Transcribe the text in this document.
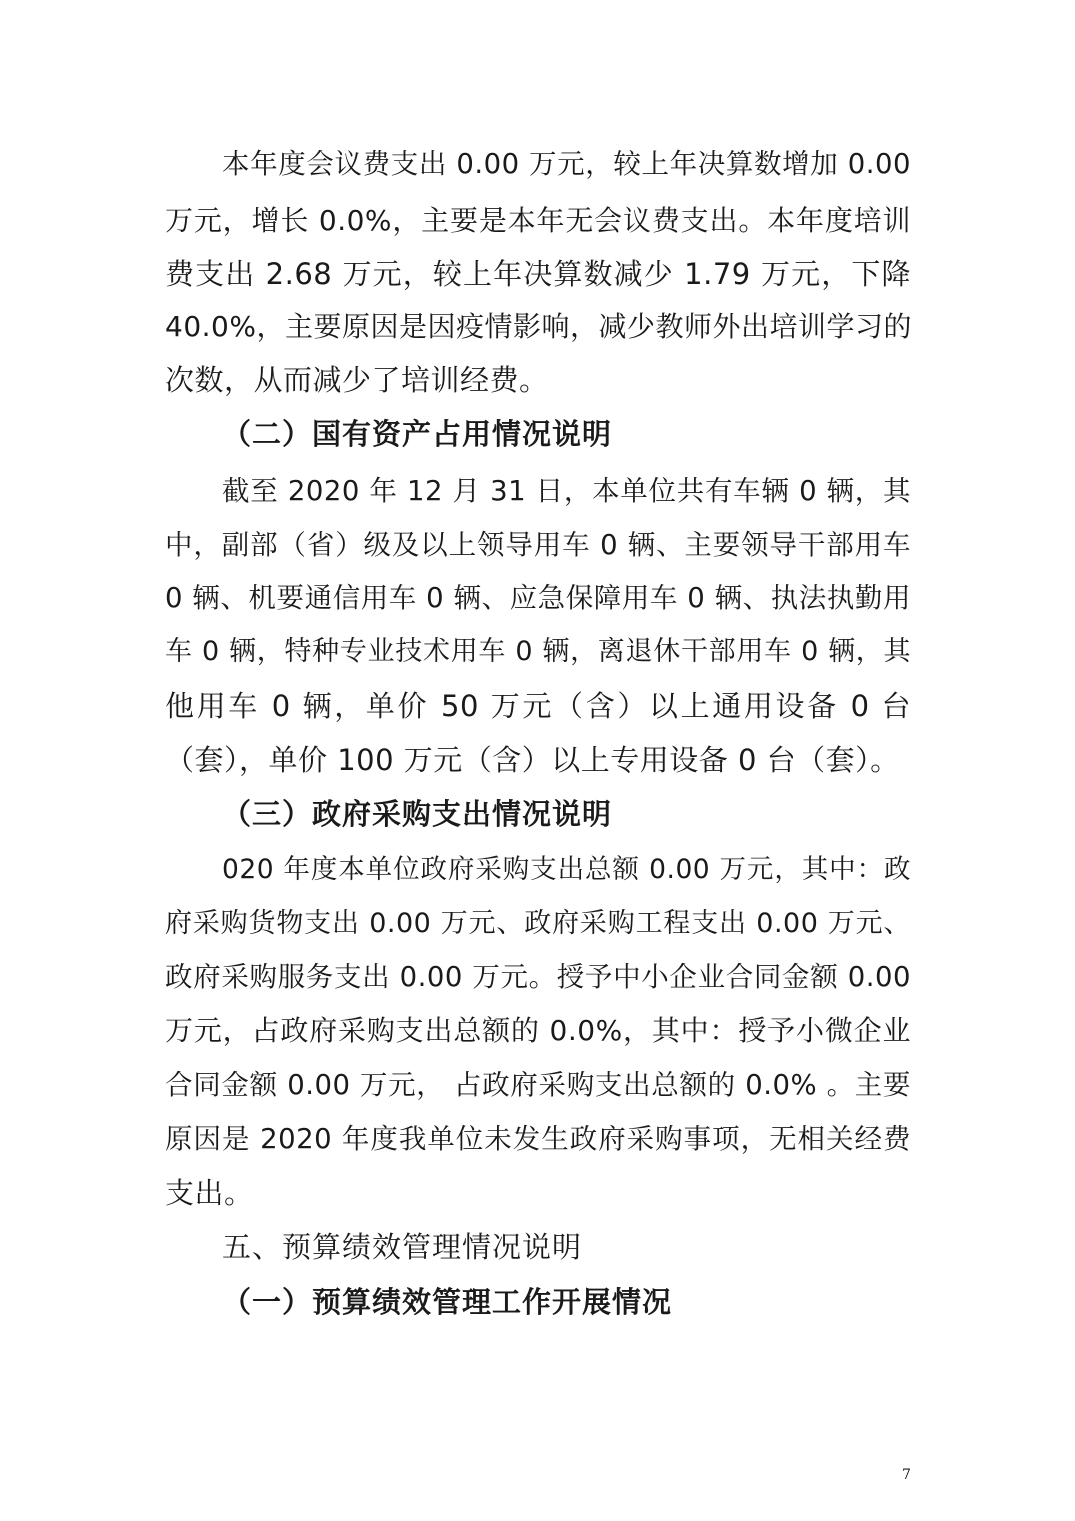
本年度会议费支出 0.00 万元，较上年决算数增加 0.00
万元，增长 0.0%，主要是本年无会议费支出。本年度培训
费支出 2.68 万元，较上年决算数减少 1.79 万元，下降
40.0%，主要原因是因疫情影响，减少教师外出培训学习的
次数，从而减少了培训经费。
（二）国有资产占用情况说明
截至 2020 年 12 月 31 日，本单位共有车辆 0 辆，其
中，副部（省）级及以上领导用车 0 辆、主要领导干部用车
0 辆、机要通信用车 0 辆、应急保障用车 0 辆、执法执勤用
车 0 辆，特种专业技术用车 0 辆，离退休干部用车 0 辆，其
他用车 0 辆，单价 50 万元（含）以上通用设备 0 台
（套），单价 100 万元（含）以上专用设备 0 台（套）。
（三）政府采购支出情况说明
020 年度本单位政府采购支出总额 0.00 万元，其中：政
府采购货物支出 0.00 万元、政府采购工程支出 0.00 万元、
政府采购服务支出 0.00 万元。授予中小企业合同金额 0.00
万元，占政府采购支出总额的 0.0%，其中：授予小微企业
合同金额 0.00 万元， 占政府采购支出总额的 0.0% 。主要
原因是 2020 年度我单位未发生政府采购事项，无相关经费
支出。
五、预算绩效管理情况说明
（一）预算绩效管理工作开展情况
7
